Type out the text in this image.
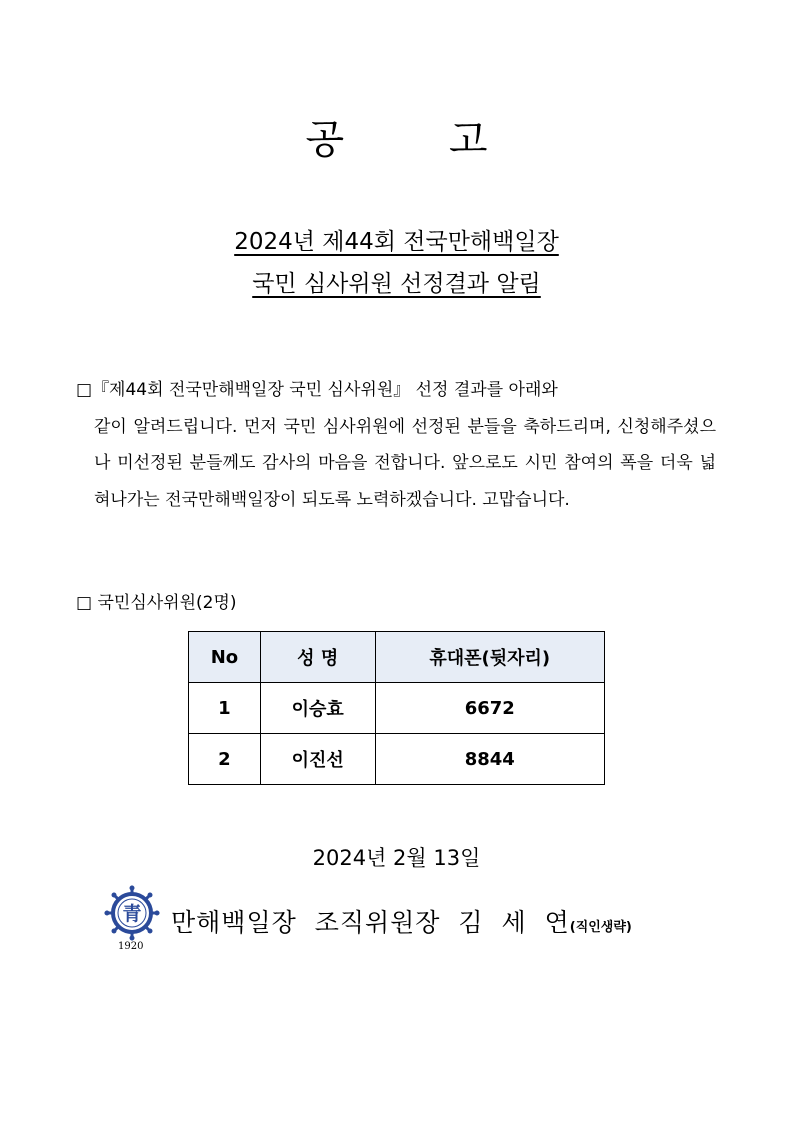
공 고
2024년 제44회 전국만해백일장
국민 심사위원 선정결과 알림
□『제44회 전국만해백일장 국민 심사위원』 선정 결과를 아래와
같이 알려드립니다. 먼저 국민 심사위원에 선정된 분들을 축하드리며, 신청해주셨으나 미선정된 분들께도 감사의 마음을 전합니다. 앞으로도 시민 참여의 폭을 더욱 넓혀나가는 전국만해백일장이 되도록 노력하겠습니다. 고맙습니다.
□ 국민심사위원(2명)
No	성 명	휴대폰(뒷자리)
1	이승효	6672
2	이진선	8844
2024년 2월 13일
青
1920
만해백일장 조직위원장 김 세 연(직인생략)
